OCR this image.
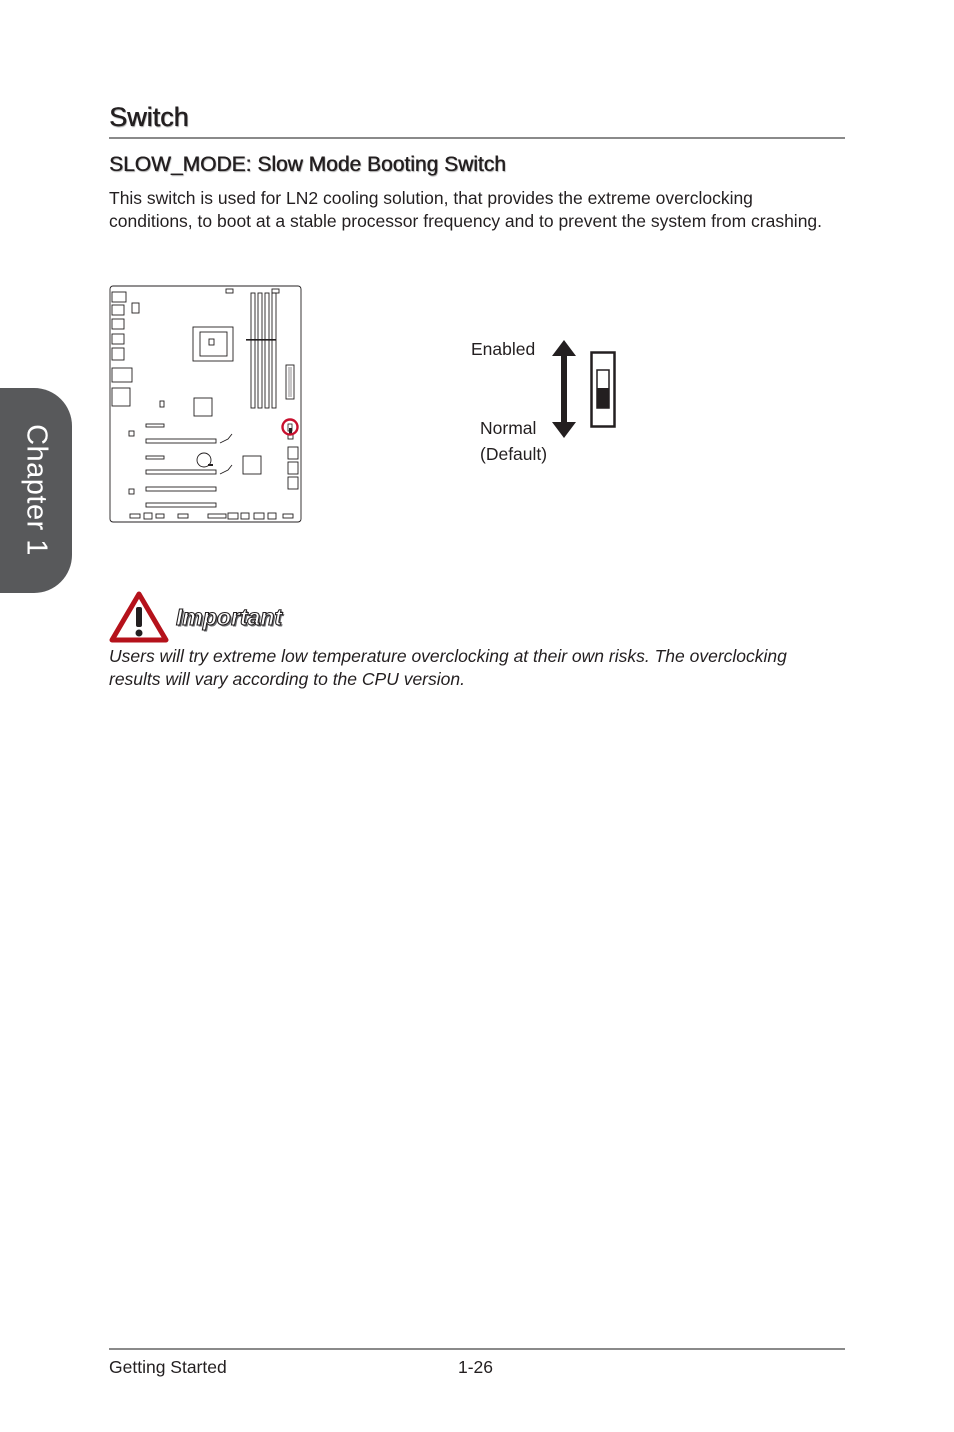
Chapter 1
Switch
SLOW_MODE: Slow Mode Booting Switch

This switch is used for LN2 cooling solution, that provides the extreme overclocking conditions, to boot at a stable processor frequency and to prevent the system from crashing.

Enabled
Normal
(Default)
Important

Users will try extreme low temperature overclocking at their own risks. The overclocking results will vary according to the CPU version.

Getting Started	1-26
